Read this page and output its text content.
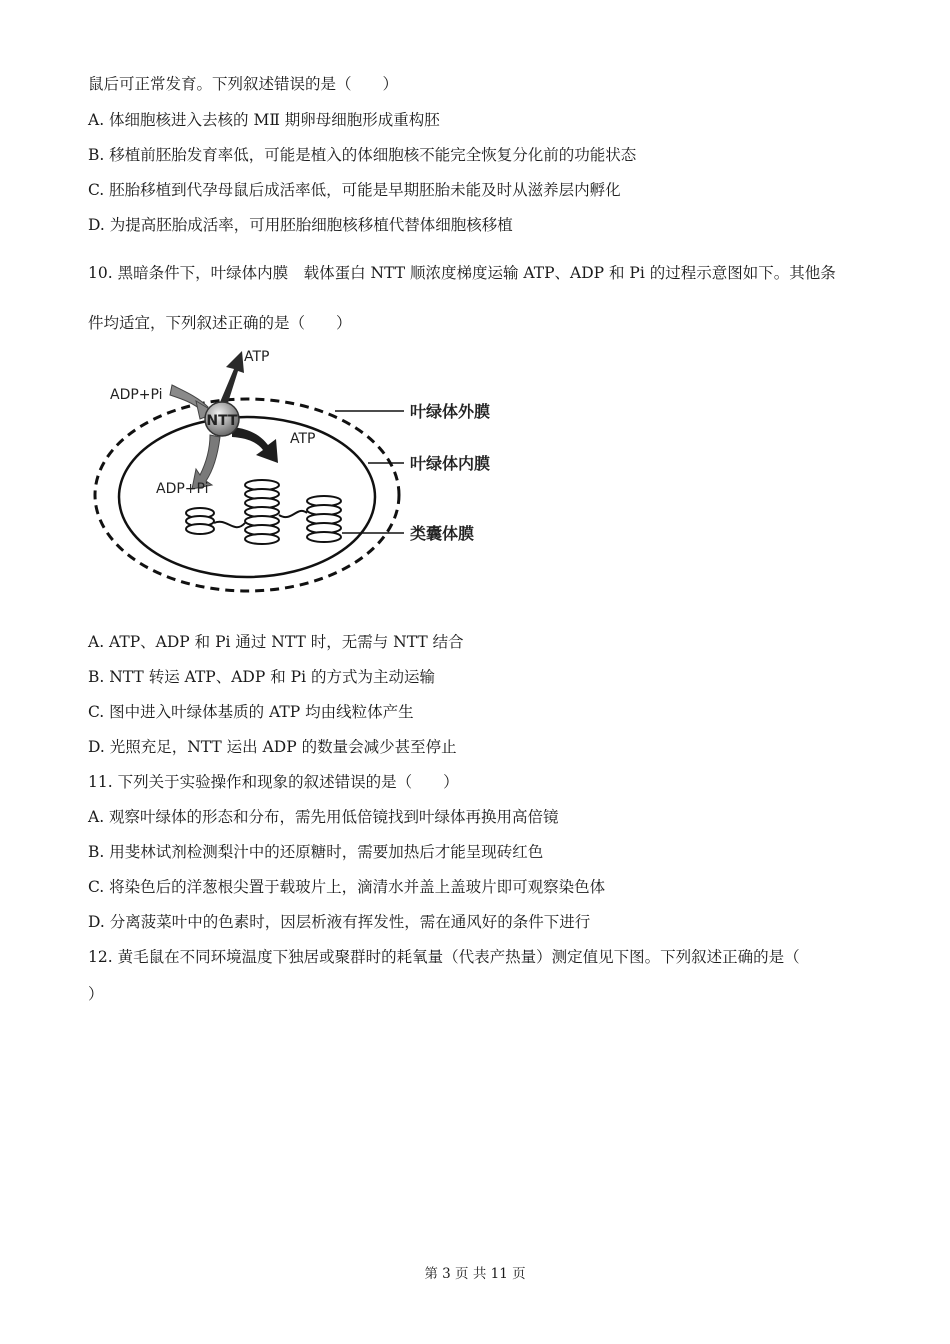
鼠后可正常发育。下列叙述错误的是（　　）
A. 体细胞核进入去核的 MⅡ 期卵母细胞形成重构胚
B. 移植前胚胎发育率低，可能是植入的体细胞核不能完全恢复分化前的功能状态
C. 胚胎移植到代孕母鼠后成活率低，可能是早期胚胎未能及时从滋养层内孵化
D. 为提高胚胎成活率，可用胚胎细胞核移植代替体细胞核移植
10. 黑暗条件下，叶绿体内膜　载体蛋白 NTT 顺浓度梯度运输 ATP、ADP 和 Pi 的过程示意图如下。其他条
件均适宜，下列叙述正确的是（　　）
NTT
ATP
ADP+Pi
ATP
ADP+Pi
叶绿体外膜
叶绿体内膜
类囊体膜
A. ATP、ADP 和 Pi 通过 NTT 时，无需与 NTT 结合
B. NTT 转运 ATP、ADP 和 Pi 的方式为主动运输
C. 图中进入叶绿体基质的 ATP 均由线粒体产生
D. 光照充足，NTT 运出 ADP 的数量会减少甚至停止
11. 下列关于实验操作和现象的叙述错误的是（　　）
A. 观察叶绿体的形态和分布，需先用低倍镜找到叶绿体再换用高倍镜
B. 用斐林试剂检测梨汁中的还原糖时，需要加热后才能呈现砖红色
C. 将染色后的洋葱根尖置于载玻片上，滴清水并盖上盖玻片即可观察染色体
D. 分离菠菜叶中的色素时，因层析液有挥发性，需在通风好的条件下进行
12. 黄毛鼠在不同环境温度下独居或聚群时的耗氧量（代表产热量）测定值见下图。下列叙述正确的是（
）
第 3 页 共 11 页
